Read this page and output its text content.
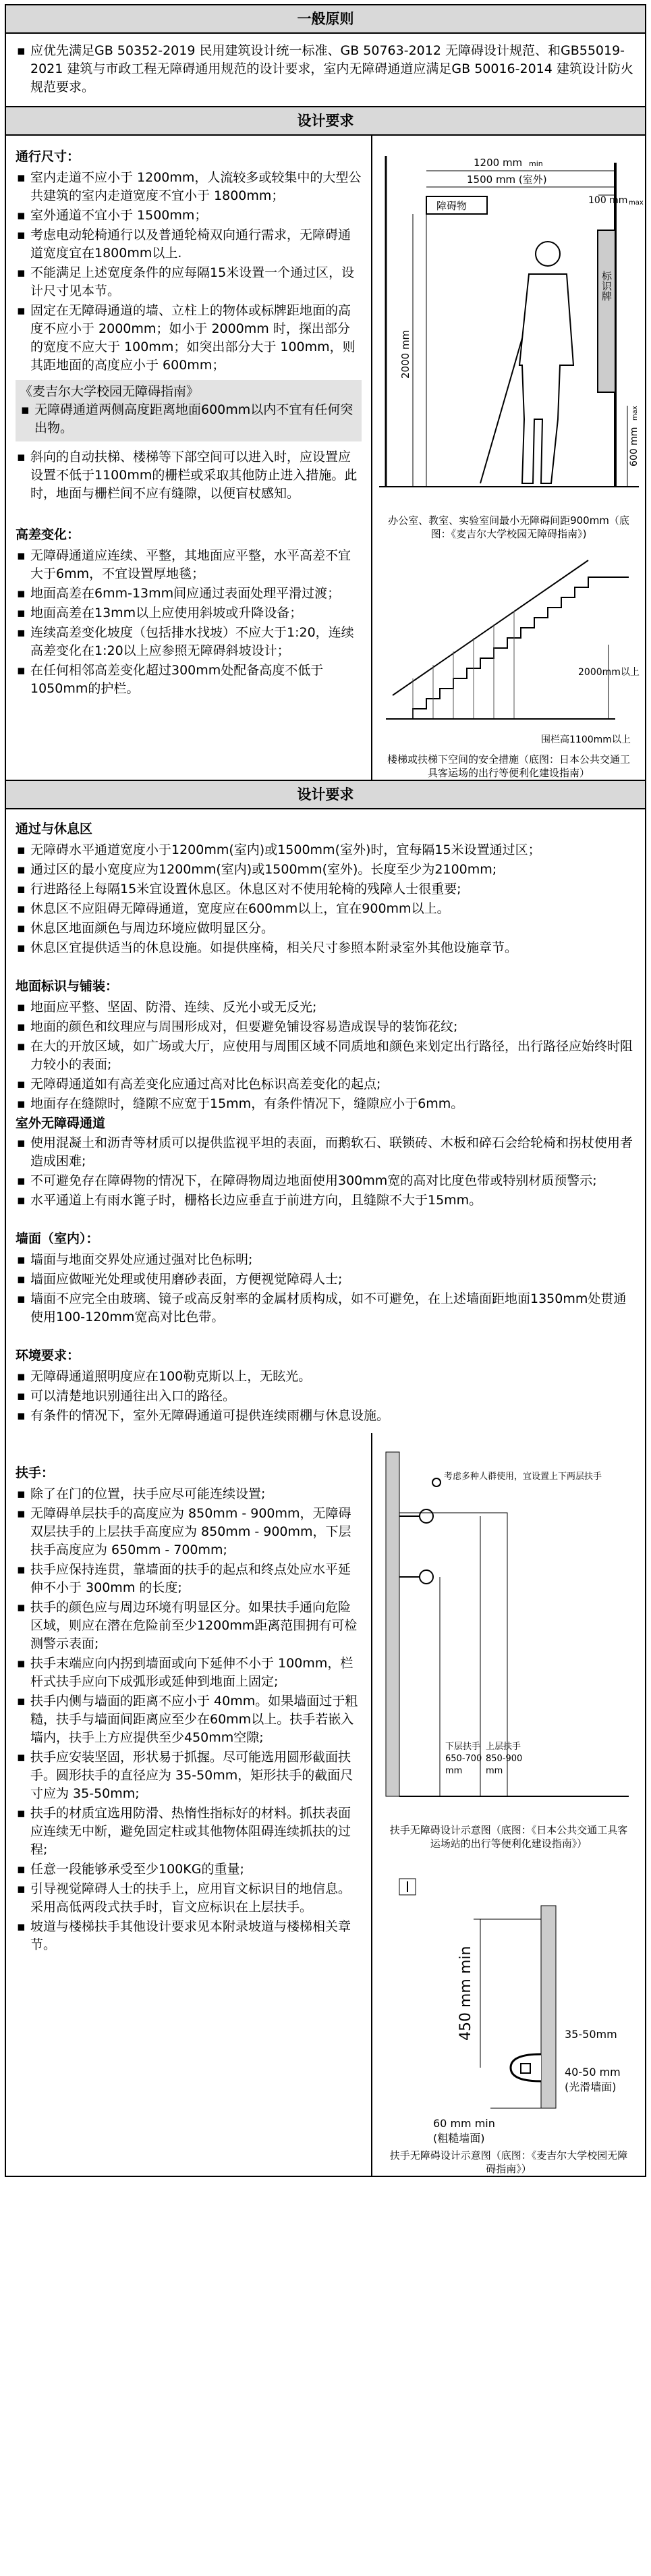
一般原则
▪ 应优先满足GB 50352-2019 民用建筑设计统一标准、GB 50763-2012 无障碍设计规范、和GB55019-2021 建筑与市政工程无障碍通用规范的设计要求，室内无障碍通道应满足GB 50016-2014 建筑设计防火规范要求。
设计要求
通行尺寸：
▪ 室内走道不应小于 1200mm，人流较多或较集中的大型公共建筑的室内走道宽度不宜小于 1800mm；
▪ 室外通道不宜小于 1500mm；
▪ 考虑电动轮椅通行以及普通轮椅双向通行需求，无障碍通道宽度宜在1800mm以上.
▪ 不能满足上述宽度条件的应每隔15米设置一个通过区，设计尺寸见本节。
▪ 固定在无障碍通道的墙、立柱上的物体或标牌距地面的高度不应小于 2000mm；如小于 2000mm 时，探出部分的宽度不应大于 100mm；如突出部分大于 100mm，则其距地面的高度应小于 600mm；
《麦吉尔大学校园无障碍指南》
▪ 无障碍通道两侧高度距离地面600mm以内不宜有任何突出物。
▪ 斜向的自动扶梯、楼梯等下部空间可以进入时，应设置应设置不低于1100mm的栅栏或采取其他防止进入措施。此时，地面与栅栏间不应有缝隙，以便盲杖感知。
高差变化：
▪ 无障碍通道应连续、平整，其地面应平整，水平高差不宜大于6mm，不宜设置厚地毯；
▪ 地面高差在6mm-13mm间应通过表面处理平滑过渡；
▪ 地面高差在13mm以上应使用斜坡或升降设备；
▪ 连续高差变化坡度（包括排水找坡）不应大于1:20，连续高差变化在1:20以上应参照无障碍斜坡设计；
▪ 在任何相邻高差变化超过300mm处配备高度不低于1050mm的护栏。
1200 mm min
1500 mm (室外)
障碍物
2000 mm
100 mm max
标识牌
600 mm
max
办公室、教室、实验室间最小无障碍间距900mm（底图：《麦吉尔大学校园无障碍指南》)
2000mm以上
围栏高1100mm以上
楼梯或扶梯下空间的安全措施（底图：日本公共交通工具客运场的出行等便利化建设指南）
设计要求
通过与休息区
▪ 无障碍水平通道宽度小于1200mm(室内)或1500mm(室外)时，宜每隔15米设置通过区；
▪ 通过区的最小宽度应为1200mm(室内)或1500mm(室外)。长度至少为2100mm;
▪ 行进路径上每隔15米宜设置休息区。休息区对不使用轮椅的残障人士很重要;
▪ 休息区不应阻碍无障碍通道，宽度应在600mm以上，宜在900mm以上。
▪ 休息区地面颜色与周边环境应做明显区分。
▪ 休息区宜提供适当的休息设施。如提供座椅，相关尺寸参照本附录室外其他设施章节。
地面标识与铺装：
▪ 地面应平整、坚固、防滑、连续、反光小或无反光;
▪ 地面的颜色和纹理应与周围形成对，但要避免铺设容易造成误导的装饰花纹;
▪ 在大的开放区域，如广场或大厅，应使用与周围区域不同质地和颜色来划定出行路径，出行路径应始终时阻力较小的表面;
▪ 无障碍通道如有高差变化应通过高对比色标识高差变化的起点;
▪ 地面存在缝隙时，缝隙不应宽于15mm，有条件情况下，缝隙应小于6mm。
室外无障碍通道
▪ 使用混凝土和沥青等材质可以提供监视平坦的表面，而鹅软石、联锁砖、木板和碎石会给轮椅和拐杖使用者造成困难;
▪ 不可避免存在障碍物的情况下，在障碍物周边地面使用300mm宽的高对比度色带或特别材质预警示;
▪ 水平通道上有雨水篦子时，栅格长边应垂直于前进方向，且缝隙不大于15mm。
墙面（室内）：
▪ 墙面与地面交界处应通过强对比色标明;
▪ 墙面应做哑光处理或使用磨砂表面，方便视觉障碍人士;
▪ 墙面不应完全由玻璃、镜子或高反射率的金属材质构成，如不可避免，在上述墙面距地面1350mm处贯通使用100-120mm宽高对比色带。
环境要求：
▪ 无障碍通道照明度应在100勒克斯以上，无眩光。
▪ 可以清楚地识别通往出入口的路径。
▪ 有条件的情况下，室外无障碍通道可提供连续雨棚与休息设施。
扶手：
▪ 除了在门的位置，扶手应尽可能连续设置;
▪ 无障碍单层扶手的高度应为 850mm - 900mm，无障碍双层扶手的上层扶手高度应为 850mm - 900mm，下层扶手高度应为 650mm - 700mm;
▪ 扶手应保持连贯，靠墙面的扶手的起点和终点处应水平延伸不小于 300mm 的长度;
▪ 扶手的颜色应与周边环境有明显区分。如果扶手通向危险区域，则应在潜在危险前至少1200mm距离范围拥有可检测警示表面;
▪ 扶手末端应向内拐到墙面或向下延伸不小于 100mm，栏杆式扶手应向下成弧形或延伸到地面上固定;
▪ 扶手内侧与墙面的距离不应小于 40mm。如果墙面过于粗糙，扶手与墙面间距离应至少在60mm以上。扶手若嵌入墙内，扶手上方应提供至少450mm空隙;
▪ 扶手应安装坚固，形状易于抓握。尽可能选用圆形截面扶手。圆形扶手的直径应为 35-50mm，矩形扶手的截面尺寸应为 35-50mm;
▪ 扶手的材质宜选用防滑、热惰性指标好的材料。抓扶表面应连续无中断，避免固定柱或其他物体阻碍连续抓扶的过程;
▪ 任意一段能够承受至少100KG的重量;
▪ 引导视觉障碍人士的扶手上，应用盲文标识目的地信息。采用高低两段式扶手时，盲文应标识在上层扶手。
▪ 坡道与楼梯扶手其他设计要求见本附录坡道与楼梯相关章节。
考虑多种人群使用，宜设置上下两层扶手
下层扶手
650-700
mm
上层扶手
850-900
mm
扶手无障碍设计示意图（底图：《日本公共交通工具客运场站的出行等便利化建设指南》）
450 mm min	35-50mm
40-50 mm
(光滑墙面)
60 mm min
(粗糙墙面)
扶手无障碍设计示意图（底图：《麦吉尔大学校园无障碍指南》）
